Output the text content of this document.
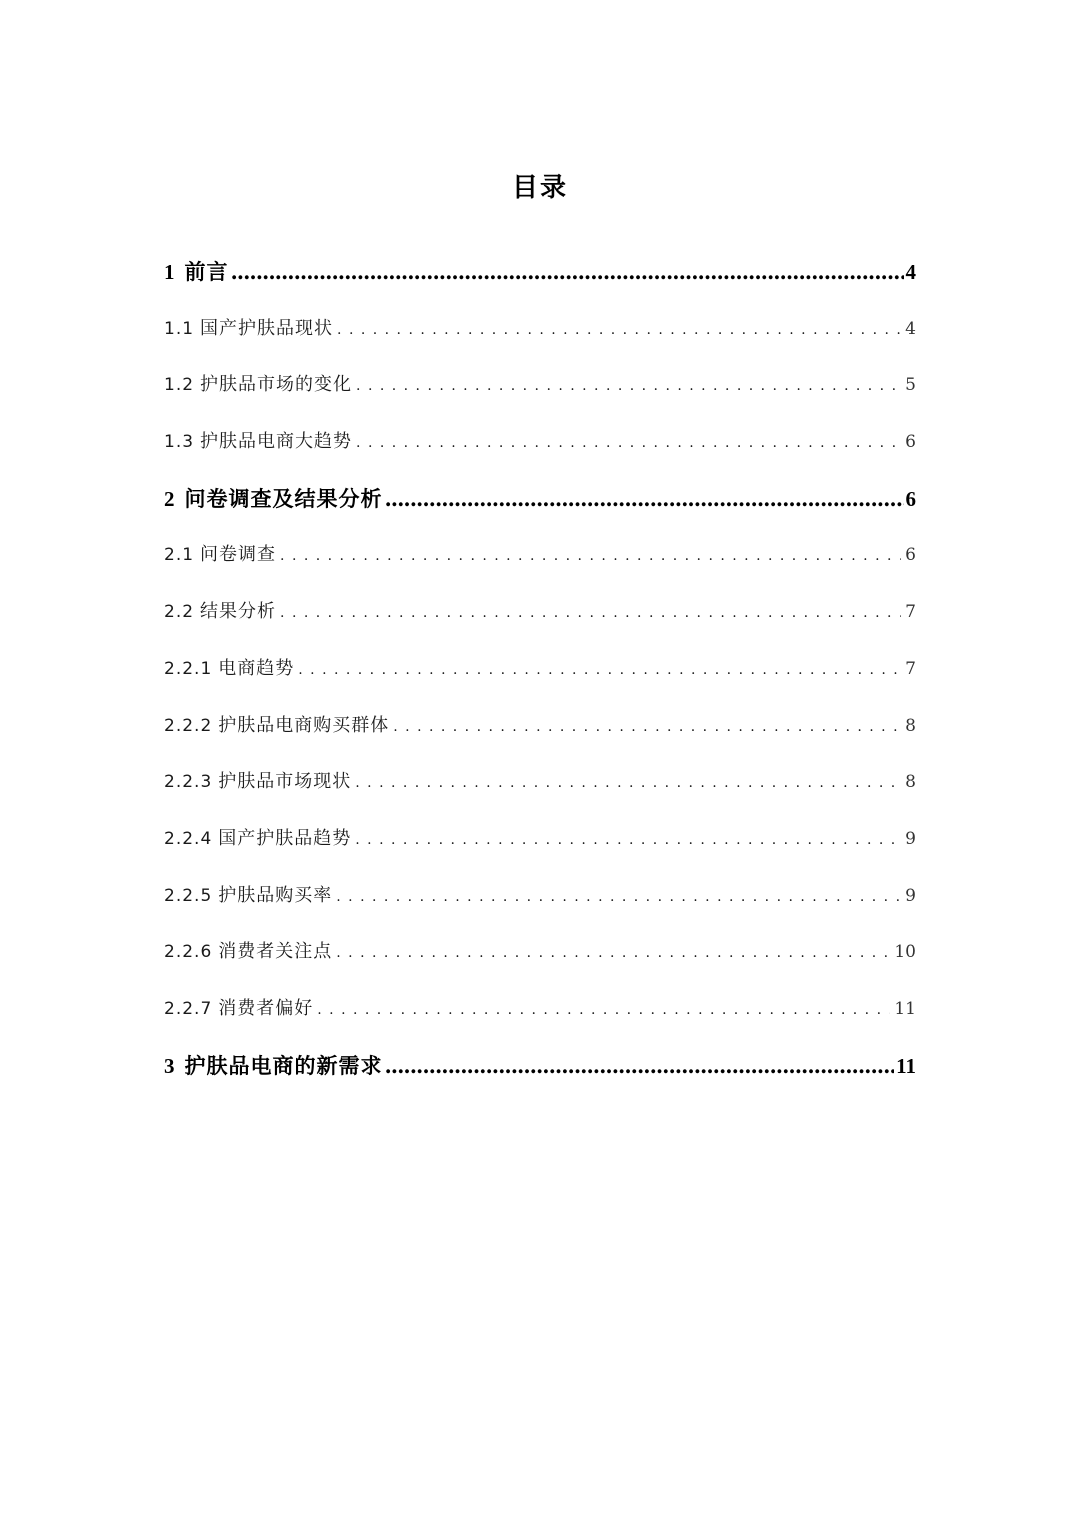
目录
1 前言 .....	4
1.1 国产护肤品现状 . . .	4
1.2 护肤品市场的变化 . . .	5
1.3 护肤品电商大趋势 . . .	6
2 问卷调查及结果分析 .....	6
2.1 问卷调查 . . .	6
2.2 结果分析 . . .	7
2.2.1 电商趋势 . . .	7
2.2.2 护肤品电商购买群体 . . .	8
2.2.3 护肤品市场现状 . . .	8
2.2.4 国产护肤品趋势 . . .	9
2.2.5 护肤品购买率 . . .	9
2.2.6 消费者关注点 . . .	10
2.2.7 消费者偏好 . . .	11
3 护肤品电商的新需求 .....	11
